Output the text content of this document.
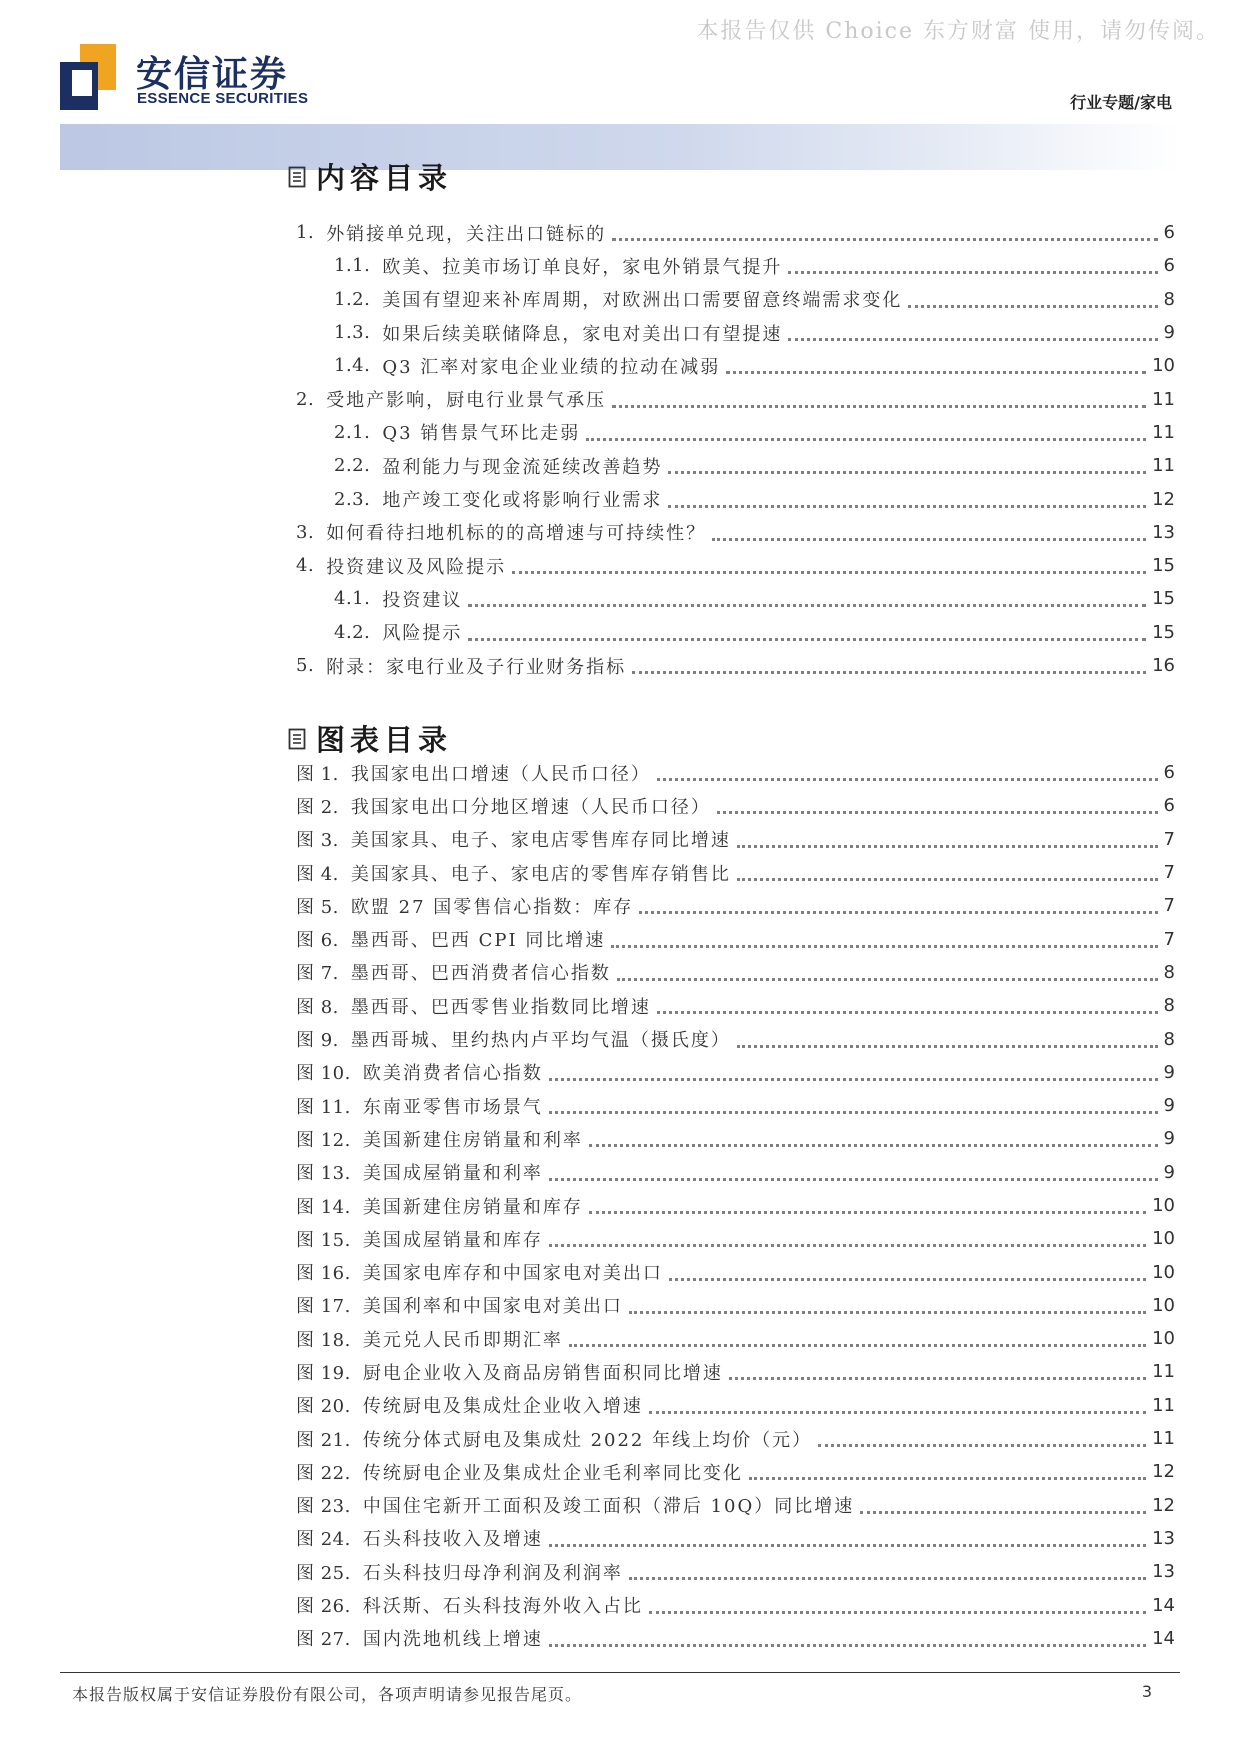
本报告仅供 Choice 东方财富 使用，请勿传阅。
安信证券
ESSENCE SECURITIES	行业专题/家电
内容目录
1. 外销接单兑现，关注出口链标的	6
1.1. 欧美、拉美市场订单良好，家电外销景气提升	6
1.2. 美国有望迎来补库周期，对欧洲出口需要留意终端需求变化	8
1.3. 如果后续美联储降息，家电对美出口有望提速	9
1.4. Q3 汇率对家电企业业绩的拉动在减弱	10
2. 受地产影响，厨电行业景气承压	11
2.1. Q3 销售景气环比走弱	11
2.2. 盈利能力与现金流延续改善趋势	11
2.3. 地产竣工变化或将影响行业需求	12
3. 如何看待扫地机标的的高增速与可持续性？	13
4. 投资建议及风险提示	15
4.1. 投资建议	15
4.2. 风险提示	15
5. 附录：家电行业及子行业财务指标	16
图表目录
图 1. 我国家电出口增速（人民币口径）	6
图 2. 我国家电出口分地区增速（人民币口径）	6
图 3. 美国家具、电子、家电店零售库存同比增速	7
图 4. 美国家具、电子、家电店的零售库存销售比	7
图 5. 欧盟 27 国零售信心指数：库存	7
图 6. 墨西哥、巴西 CPI 同比增速	7
图 7. 墨西哥、巴西消费者信心指数	8
图 8. 墨西哥、巴西零售业指数同比增速	8
图 9. 墨西哥城、里约热内卢平均气温（摄氏度）	8
图 10. 欧美消费者信心指数	9
图 11. 东南亚零售市场景气	9
图 12. 美国新建住房销量和利率	9
图 13. 美国成屋销量和利率	9
图 14. 美国新建住房销量和库存	10
图 15. 美国成屋销量和库存	10
图 16. 美国家电库存和中国家电对美出口	10
图 17. 美国利率和中国家电对美出口	10
图 18. 美元兑人民币即期汇率	10
图 19. 厨电企业收入及商品房销售面积同比增速	11
图 20. 传统厨电及集成灶企业收入增速	11
图 21. 传统分体式厨电及集成灶 2022 年线上均价（元）	11
图 22. 传统厨电企业及集成灶企业毛利率同比变化	12
图 23. 中国住宅新开工面积及竣工面积（滞后 10Q）同比增速	12
图 24. 石头科技收入及增速	13
图 25. 石头科技归母净利润及利润率	13
图 26. 科沃斯、石头科技海外收入占比	14
图 27. 国内洗地机线上增速	14
本报告版权属于安信证券股份有限公司，各项声明请参见报告尾页。	3
